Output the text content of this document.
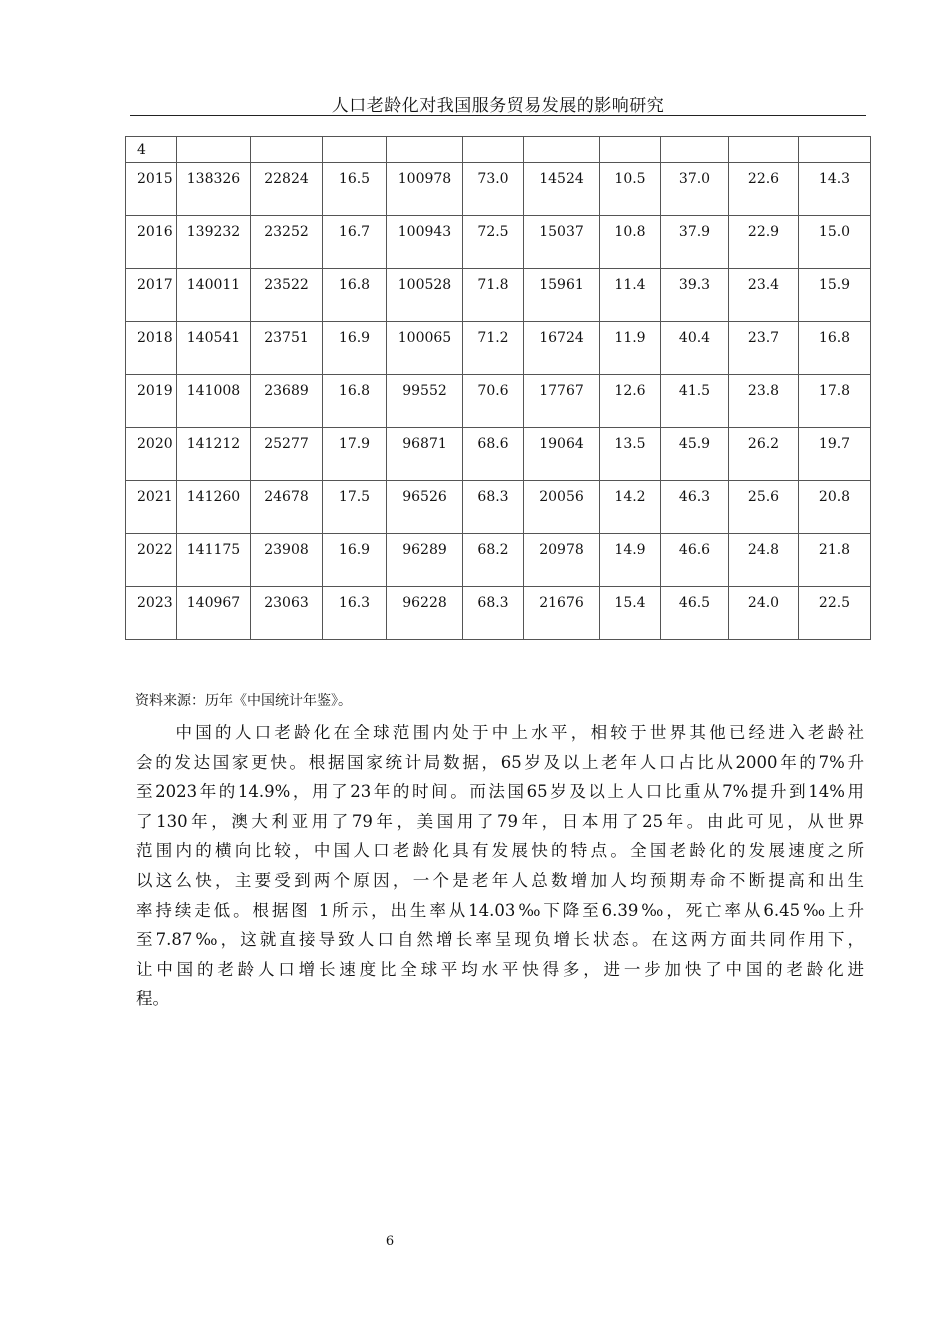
人口老龄化对我国服务贸易发展的影响研究
4										
2015	138326	22824	16.5	100978	73.0	14524	10.5	37.0	22.6	14.3
2016	139232	23252	16.7	100943	72.5	15037	10.8	37.9	22.9	15.0
2017	140011	23522	16.8	100528	71.8	15961	11.4	39.3	23.4	15.9
2018	140541	23751	16.9	100065	71.2	16724	11.9	40.4	23.7	16.8
2019	141008	23689	16.8	99552	70.6	17767	12.6	41.5	23.8	17.8
2020	141212	25277	17.9	96871	68.6	19064	13.5	45.9	26.2	19.7
2021	141260	24678	17.5	96526	68.3	20056	14.2	46.3	25.6	20.8
2022	141175	23908	16.9	96289	68.2	20978	14.9	46.6	24.8	21.8
2023	140967	23063	16.3	96228	68.3	21676	15.4	46.5	24.0	22.5
资料来源：历年《中国统计年鉴》。
　　中国的人口老龄化在全球范围内处于中上水平，相较于世界其他已经进入老龄社
会的发达国家更快。根据国家统计局数据，65岁及以上老年人口占比从2000年的7%升
至2023年的14.9%，用了23年的时间。而法国65岁及以上人口比重从7%提升到14%用
了130年，澳大利亚用了79年，美国用了79年，日本用了25年。由此可见，从世界
范围内的横向比较，中国人口老龄化具有发展快的特点。全国老龄化的发展速度之所
以这么快，主要受到两个原因，一个是老年人总数增加人均预期寿命不断提高和出生
率持续走低。根据图 1所示，出生率从14.03‰下降至6.39‰，死亡率从6.45‰上升
至7.87‰，这就直接导致人口自然增长率呈现负增长状态。在这两方面共同作用下，
让中国的老龄人口增长速度比全球平均水平快得多，进一步加快了中国的老龄化进
程。
6
